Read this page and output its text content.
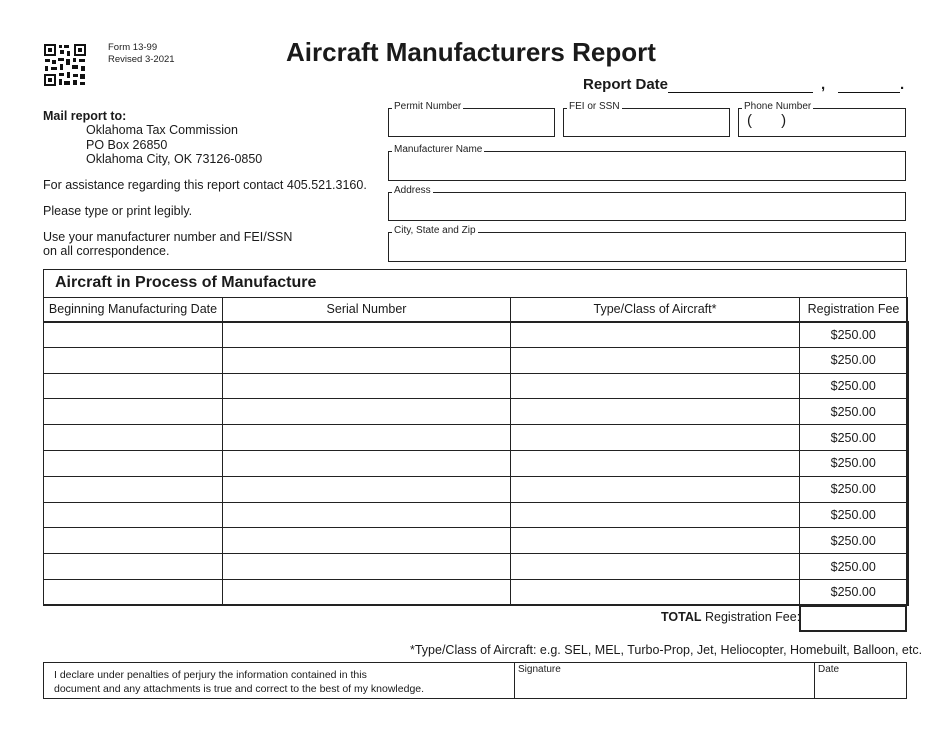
Form 13-99
Revised 3-2021	Aircraft Manufacturers Report
Report Date	,	.
Mail report to:
Oklahoma Tax Commission
PO Box 26850
Oklahoma City, OK 73126-0850
For assistance regarding this report contact 405.521.3160.
Please type or print legibly.
Use your manufacturer number and FEI/SSN
on all correspondence.
Permit Number	FEI or SSN	Phone Number
(       )
Manufacturer Name
Address
City, State and Zip
Aircraft in Process of Manufacture
Beginning Manufacturing Date	Serial Number	Type/Class of Aircraft*	Registration Fee
			$250.00
			$250.00
			$250.00
			$250.00
			$250.00
			$250.00
			$250.00
			$250.00
			$250.00
			$250.00
			$250.00
TOTAL Registration Fee:
*Type/Class of Aircraft: e.g. SEL, MEL, Turbo-Prop, Jet, Heliocopter, Homebuilt, Balloon, etc.
I declare under penalties of perjury the information contained in this
document and any attachments is true and correct to the best of my knowledge.
Signature	Date
